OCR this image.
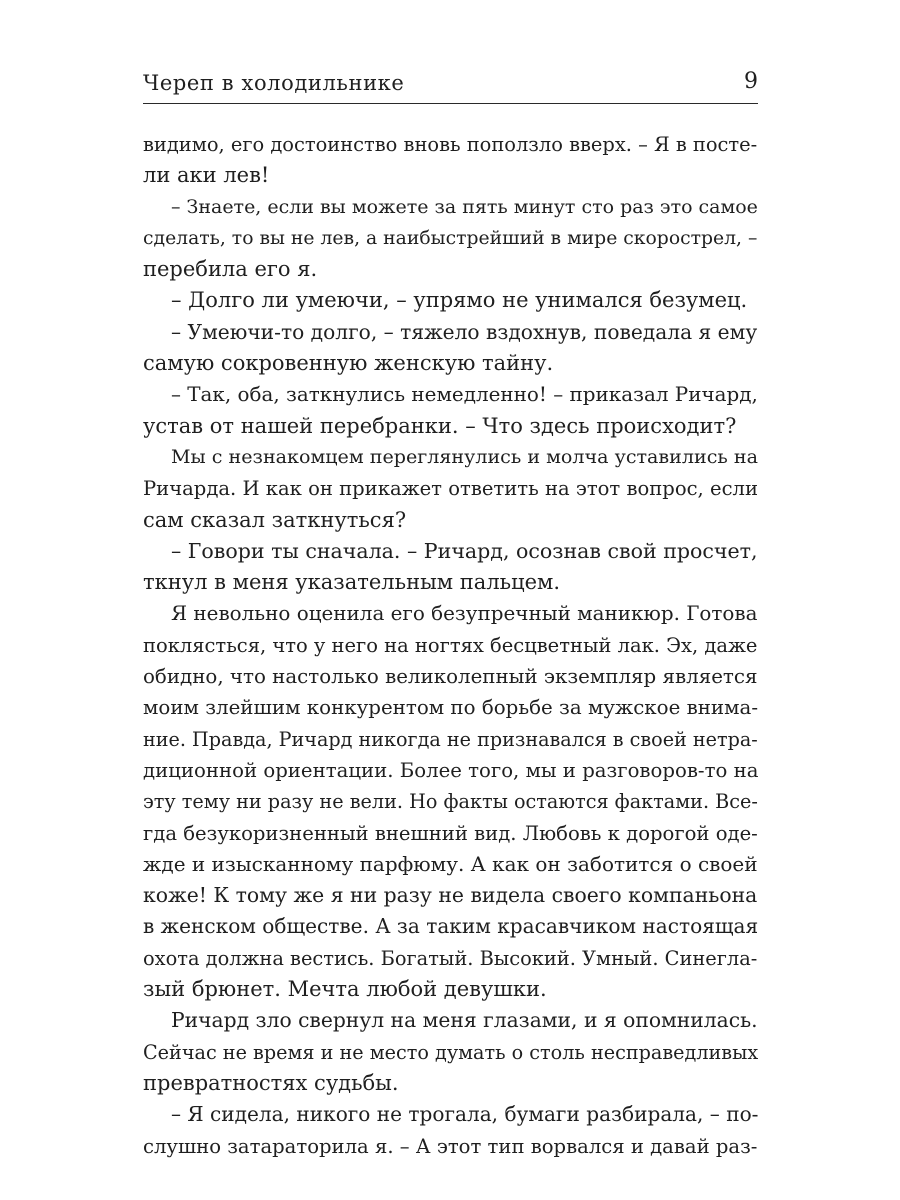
Череп в холодильнике	9
видимо, его достоинство вновь поползло вверх. – Я в посте-
ли аки лев!
– Знаете, если вы можете за пять минут сто раз это самое
сделать, то вы не лев, а наибыстрейший в мире скорострел, –
перебила его я.
– Долго ли умеючи, – упрямо не унимался безумец.
– Умеючи-то долго, – тяжело вздохнув, поведала я ему
самую сокровенную женскую тайну.
– Так, оба, заткнулись немедленно! – приказал Ричард,
устав от нашей перебранки. – Что здесь происходит?
Мы с незнакомцем переглянулись и молча уставились на
Ричарда. И как он прикажет ответить на этот вопрос, если
сам сказал заткнуться?
– Говори ты сначала. – Ричард, осознав свой просчет,
ткнул в меня указательным пальцем.
Я невольно оценила его безупречный маникюр. Готова
поклясться, что у него на ногтях бесцветный лак. Эх, даже
обидно, что настолько великолепный экземпляр является
моим злейшим конкурентом по борьбе за мужское внима-
ние. Правда, Ричард никогда не признавался в своей нетра-
диционной ориентации. Более того, мы и разговоров-то на
эту тему ни разу не вели. Но факты остаются фактами. Все-
гда безукоризненный внешний вид. Любовь к дорогой оде-
жде и изысканному парфюму. А как он заботится о своей
коже! К тому же я ни разу не видела своего компаньона
в женском обществе. А за таким красавчиком настоящая
охота должна вестись. Богатый. Высокий. Умный. Синегла-
зый брюнет. Мечта любой девушки.
Ричард зло свернул на меня глазами, и я опомнилась.
Сейчас не время и не место думать о столь несправедливых
превратностях судьбы.
– Я сидела, никого не трогала, бумаги разбирала, – по-
слушно затараторила я. – А этот тип ворвался и давай раз-
